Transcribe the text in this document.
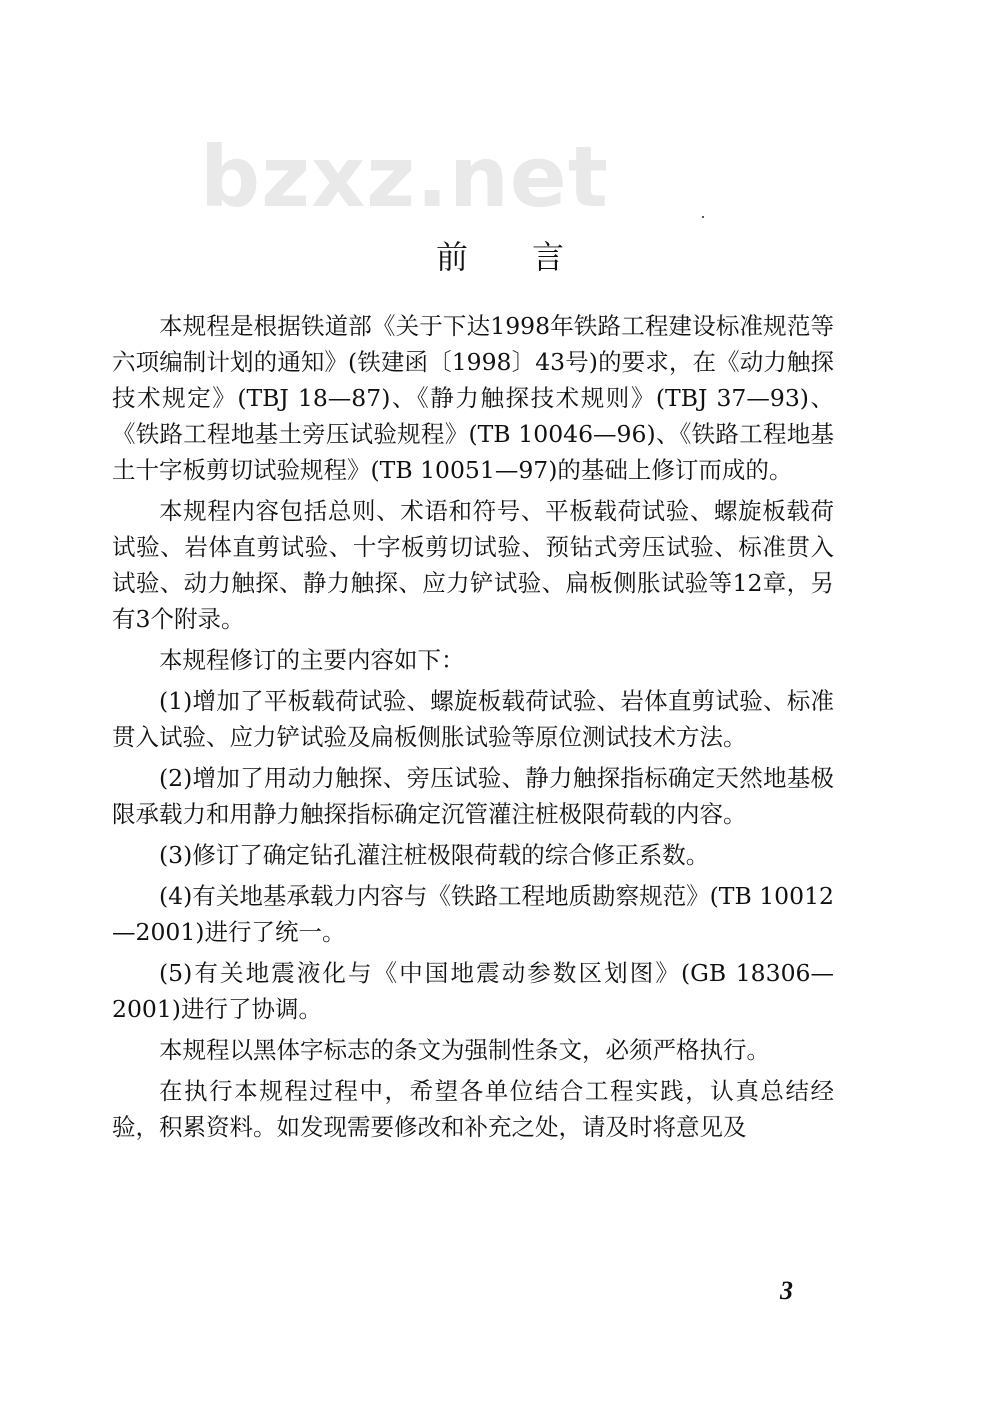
bzxz.net
前言

本规程是根据铁道部《关于下达1998年铁路工程建设标准规范等六项编制计划的通知》(铁建函〔1998〕43号)的要求，在《动力触探技术规定》(TBJ 18—87)、《静力触探技术规则》(TBJ 37—93)、《铁路工程地基土旁压试验规程》(TB 10046—96)、《铁路工程地基土十字板剪切试验规程》(TB 10051—97)的基础上修订而成的。

本规程内容包括总则、术语和符号、平板载荷试验、螺旋板载荷试验、岩体直剪试验、十字板剪切试验、预钻式旁压试验、标准贯入试验、动力触探、静力触探、应力铲试验、扁板侧胀试验等12章，另有3个附录。

本规程修订的主要内容如下：

(1)增加了平板载荷试验、螺旋板载荷试验、岩体直剪试验、标准贯入试验、应力铲试验及扁板侧胀试验等原位测试技术方法。

(2)增加了用动力触探、旁压试验、静力触探指标确定天然地基极限承载力和用静力触探指标确定沉管灌注桩极限荷载的内容。

(3)修订了确定钻孔灌注桩极限荷载的综合修正系数。

(4)有关地基承载力内容与《铁路工程地质勘察规范》(TB 10012—2001)进行了统一。

(5)有关地震液化与《中国地震动参数区划图》(GB 18306—2001)进行了协调。

本规程以黑体字标志的条文为强制性条文，必须严格执行。

在执行本规程过程中，希望各单位结合工程实践，认真总结经验，积累资料。如发现需要修改和补充之处，请及时将意见及

3
